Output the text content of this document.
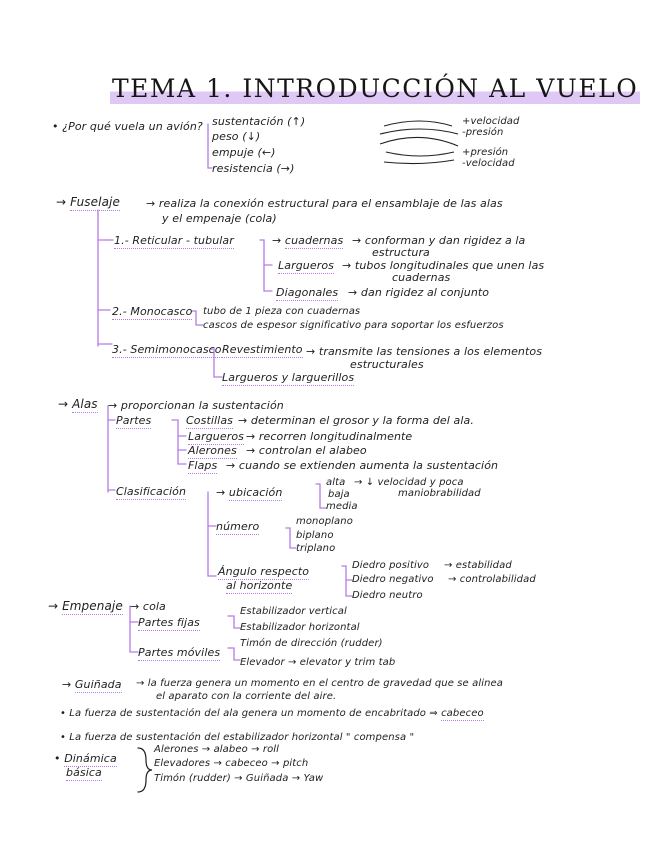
TEMA 1. INTRODUCCIÓN AL VUELO
• ¿Por qué vuela un avión? sustentación (↑)
peso (↓)
empuje (←)
resistencia (→)
+velocidad
-presión
+presión
-velocidad
→ Fuselaje → realiza la conexión estructural para el ensamblaje de las alas
y el empenaje (cola)
1.- Reticular - tubular	→ cuadernas → conforman y dan rigidez a la
estructura
Largueros → tubos longitudinales que unen las
cuadernas
Diagonales → dan rigidez al conjunto
2.- Monocasco tubo de 1 pieza con cuadernas
cascos de espesor significativo para soportar los esfuerzos
3.- Semimonocasco Revestimiento → transmite las tensiones a los elementos
estructurales
Largueros y larguerillos
→ Alas → proporcionan la sustentación
Partes	Costillas → determinan el grosor y la forma del ala.
Largueros → recorren longitudinalmente
Alerones → controlan el alabeo
Flaps → cuando se extienden aumenta la sustentación
Clasificación	→ ubicación
alta
baja
media
→ ↓ velocidad y poca
maniobrabilidad
número	monoplano
biplano
triplano
Ángulo respecto
al horizonte
Diedro positivo → estabilidad
Diedro negativo → controlabilidad
Diedro neutro
→ Empenaje → cola
Partes fijas
Estabilizador vertical
Estabilizador horizontal
Partes móviles
Timón de dirección (rudder)
Elevador → elevator y trim tab
→ Guiñada → la fuerza genera un momento en el centro de gravedad que se alinea
el aparato con la corriente del aire.
• La fuerza de sustentación del ala genera un momento de encabritado ⇒ cabeceo
• La fuerza de sustentación del estabilizador horizontal " compensa "
• Dinámica
básica
Alerones → alabeo → roll
Elevadores → cabeceo → pitch
Timón (rudder) → Guiñada → Yaw
